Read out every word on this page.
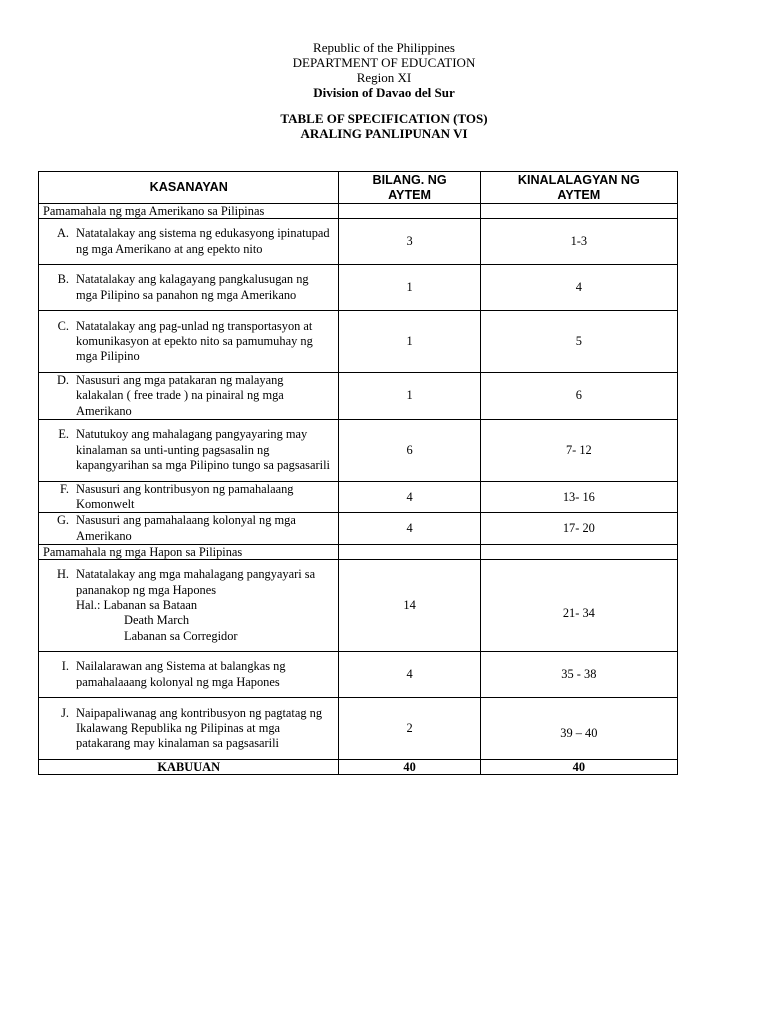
Republic of the Philippines
DEPARTMENT OF EDUCATION
Region XI
Division of Davao del Sur
TABLE OF SPECIFICATION (TOS)
ARALING PANLIPUNAN VI
KASANAYAN	BILANG. NG AYTEM	KINALALAGYAN NG AYTEM
Pamamahala ng mga Amerikano sa Pilipinas		

A. Natatalakay ang sistema ng edukasyong ipinatupad ng mga Amerikano at ang epekto nito	3	1-3

B. Natatalakay ang kalagayang pangkalusugan ng mga Pilipino sa panahon ng mga Amerikano	1	4

C. Natatalakay ang pag-unlad ng transportasyon at komunikasyon at epekto nito sa pamumuhay ng mga Pilipino	1	5

D. Nasusuri ang mga patakaran ng malayang kalakalan ( free trade ) na pinairal ng mga Amerikano	1	6

E. Natutukoy ang mahalagang pangyayaring may kinalaman sa unti-unting pagsasalin ng kapangyarihan sa mga Pilipino tungo sa pagsasarili	6	7- 12

F. Nasusuri ang kontribusyon ng pamahalaang Komonwelt	4	13- 16

G. Nasusuri ang pamahalaang kolonyal ng mga Amerikano	4	17- 20
Pamamahala ng mga Hapon sa Pilipinas		

H. Natatalakay ang mga mahalagang pangyayari sa pananakop ng mga Hapones
Hal.: Labanan sa Bataan
Death March
Labanan sa Corregidor	14	21- 34

I. Nailalarawan ang Sistema at balangkas ng pamahalaaang kolonyal ng mga Hapones	4	35 - 38

J. Naipapaliwanag ang kontribusyon ng pagtatag ng Ikalawang Republika ng Pilipinas at mga patakarang may kinalaman sa pagsasarili	2	39 – 40
KABUUAN	40	40
